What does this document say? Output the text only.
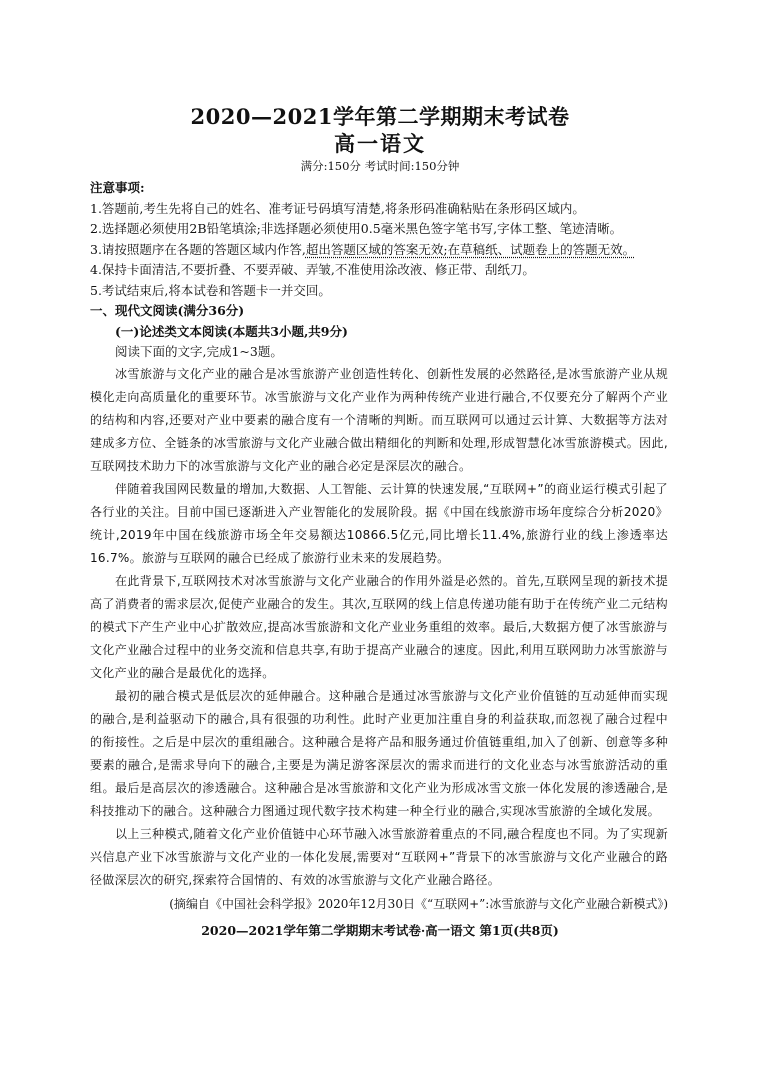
2020—2021学年第二学期期末考试卷
高一语文
满分:150分 考试时间:150分钟
注意事项:
1.答题前,考生先将自己的姓名、准考证号码填写清楚,将条形码准确粘贴在条形码区域内。
2.选择题必须使用2B铅笔填涂;非选择题必须使用0.5毫米黑色签字笔书写,字体工整、笔迹清晰。
3.请按照题序在各题的答题区域内作答,超出答题区域的答案无效;在草稿纸、试题卷上的答题无效。
4.保持卡面清洁,不要折叠、不要弄破、弄皱,不准使用涂改液、修正带、刮纸刀。
5.考试结束后,将本试卷和答题卡一并交回。
一、现代文阅读(满分36分)
(一)论述类文本阅读(本题共3小题,共9分)
阅读下面的文字,完成1~3题。

冰雪旅游与文化产业的融合是冰雪旅游产业创造性转化、创新性发展的必然路径,是冰雪旅游产业从规模化走向高质量化的重要环节。冰雪旅游与文化产业作为两种传统产业进行融合,不仅要充分了解两个产业的结构和内容,还要对产业中要素的融合度有一个清晰的判断。而互联网可以通过云计算、大数据等方法对建成多方位、全链条的冰雪旅游与文化产业融合做出精细化的判断和处理,形成智慧化冰雪旅游模式。因此,互联网技术助力下的冰雪旅游与文化产业的融合必定是深层次的融合。

伴随着我国网民数量的增加,大数据、人工智能、云计算的快速发展,“互联网+”的商业运行模式引起了各行业的关注。目前中国已逐渐进入产业智能化的发展阶段。据《中国在线旅游市场年度综合分析2020》统计,2019年中国在线旅游市场全年交易额达10866.5亿元,同比增长11.4%,旅游行业的线上渗透率达16.7%。旅游与互联网的融合已经成了旅游行业未来的发展趋势。

在此背景下,互联网技术对冰雪旅游与文化产业融合的作用外溢是必然的。首先,互联网呈现的新技术提高了消费者的需求层次,促使产业融合的发生。其次,互联网的线上信息传递功能有助于在传统产业二元结构的模式下产生产业中心扩散效应,提高冰雪旅游和文化产业业务重组的效率。最后,大数据方便了冰雪旅游与文化产业融合过程中的业务交流和信息共享,有助于提高产业融合的速度。因此,利用互联网助力冰雪旅游与文化产业的融合是最优化的选择。

最初的融合模式是低层次的延伸融合。这种融合是通过冰雪旅游与文化产业价值链的互动延伸而实现的融合,是利益驱动下的融合,具有很强的功利性。此时产业更加注重自身的利益获取,而忽视了融合过程中的衔接性。之后是中层次的重组融合。这种融合是将产品和服务通过价值链重组,加入了创新、创意等多种要素的融合,是需求导向下的融合,主要是为满足游客深层次的需求而进行的文化业态与冰雪旅游活动的重组。最后是高层次的渗透融合。这种融合是冰雪旅游和文化产业为形成冰雪文旅一体化发展的渗透融合,是科技推动下的融合。这种融合力图通过现代数字技术构建一种全行业的融合,实现冰雪旅游的全域化发展。

以上三种模式,随着文化产业价值链中心环节融入冰雪旅游着重点的不同,融合程度也不同。为了实现新兴信息产业下冰雪旅游与文化产业的一体化发展,需要对“互联网+”背景下的冰雪旅游与文化产业融合的路径做深层次的研究,探索符合国情的、有效的冰雪旅游与文化产业融合路径。

(摘编自《中国社会科学报》2020年12月30日《“互联网+”:冰雪旅游与文化产业融合新模式》)
2020—2021学年第二学期期末考试卷·高一语文 第1页(共8页)
